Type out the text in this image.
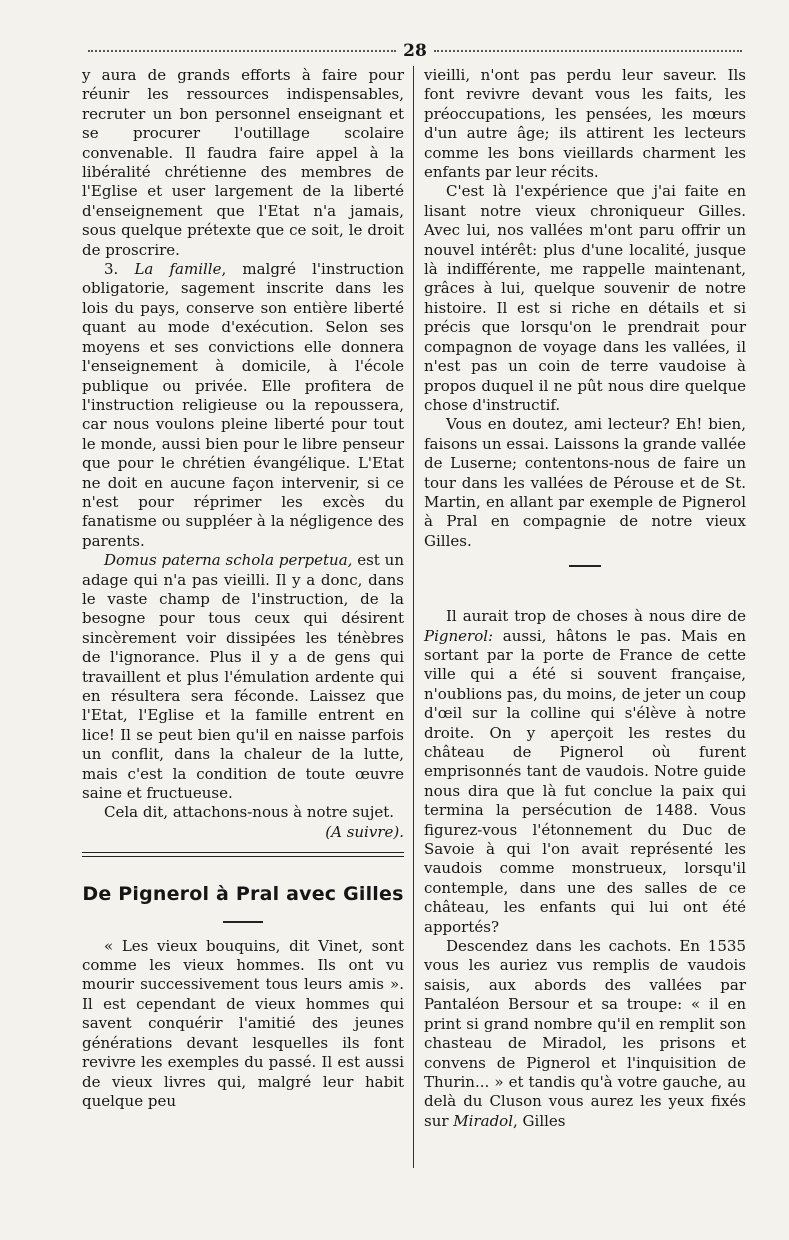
28

y aura de grands efforts à faire pour réunir les ressources indispensables, recruter un bon personnel enseignant et se procurer l'outillage scolaire convenable. Il faudra faire appel à la libéralité chrétienne des membres de l'Eglise et user largement de la liberté d'enseignement que l'Etat n'a jamais, sous quelque prétexte que ce soit, le droit de proscrire.

3. La famille, malgré l'instruction obligatorie, sagement inscrite dans les lois du pays, conserve son entière liberté quant au mode d'exécution. Selon ses moyens et ses convictions elle donnera l'enseignement à domicile, à l'école publique ou privée. Elle profitera de l'instruction religieuse ou la repoussera, car nous voulons pleine liberté pour tout le monde, aussi bien pour le libre penseur que pour le chrétien évangélique. L'Etat ne doit en aucune façon intervenir, si ce n'est pour réprimer les excès du fanatisme ou suppléer à la négligence des parents.

Domus paterna schola perpetua, est un adage qui n'a pas vieilli. Il y a donc, dans le vaste champ de l'instruction, de la besogne pour tous ceux qui désirent sincèrement voir dissipées les ténèbres de l'ignorance. Plus il y a de gens qui travaillent et plus l'émulation ardente qui en résultera sera féconde. Laissez que l'Etat, l'Eglise et la famille entrent en lice! Il se peut bien qu'il en naisse parfois un conflit, dans la chaleur de la lutte, mais c'est la condition de toute œuvre saine et fructueuse.

Cela dit, attachons-nous à notre sujet.

(A suivre).

De Pignerol à Pral avec Gilles

« Les vieux bouquins, dit Vinet, sont comme les vieux hommes. Ils ont vu mourir successivement tous leurs amis ». Il est cependant de vieux hommes qui savent conquérir l'amitié des jeunes générations devant lesquelles ils font revivre les exemples du passé. Il est aussi de vieux livres qui, malgré leur habit quelque peu

vieilli, n'ont pas perdu leur saveur. Ils font revivre devant vous les faits, les préoccupations, les pensées, les mœurs d'un autre âge; ils attirent les lecteurs comme les bons vieillards charment les enfants par leur récits.

C'est là l'expérience que j'ai faite en lisant notre vieux chroniqueur Gilles. Avec lui, nos vallées m'ont paru offrir un nouvel intérêt: plus d'une localité, jusque là indifférente, me rappelle maintenant, grâces à lui, quelque souvenir de notre histoire. Il est si riche en détails et si précis que lorsqu'on le prendrait pour compagnon de voyage dans les vallées, il n'est pas un coin de terre vaudoise à propos duquel il ne pût nous dire quelque chose d'instructif.

Vous en doutez, ami lecteur? Eh! bien, faisons un essai. Laissons la grande vallée de Luserne; contentons-nous de faire un tour dans les vallées de Pérouse et de St. Martin, en allant par exemple de Pignerol à Pral en compagnie de notre vieux Gilles.

Il aurait trop de choses à nous dire de Pignerol: aussi, hâtons le pas. Mais en sortant par la porte de France de cette ville qui a été si souvent française, n'oublions pas, du moins, de jeter un coup d'œil sur la colline qui s'élève à notre droite. On y aperçoit les restes du château de Pignerol où furent emprisonnés tant de vaudois. Notre guide nous dira que là fut conclue la paix qui termina la persécution de 1488. Vous figurez-vous l'étonnement du Duc de Savoie à qui l'on avait représenté les vaudois comme monstrueux, lorsqu'il contemple, dans une des salles de ce château, les enfants qui lui ont été apportés?

Descendez dans les cachots. En 1535 vous les auriez vus remplis de vaudois saisis, aux abords des vallées par Pantaléon Bersour et sa troupe: « il en print si grand nombre qu'il en remplit son chasteau de Miradol, les prisons et convens de Pignerol et l'inquisition de Thurin... » et tandis qu'à votre gauche, au delà du Cluson vous aurez les yeux fixés sur Miradol, Gilles
